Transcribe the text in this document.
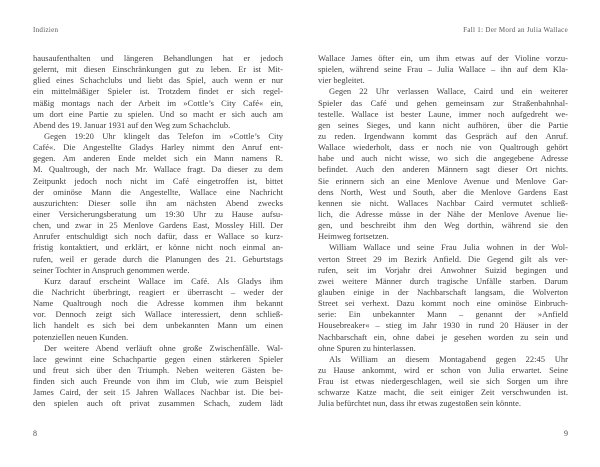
Indizien
hausaufenthalten und längeren Behandlungen hat er jedoch
gelernt, mit diesen Einschränkungen gut zu leben. Er ist Mit-
glied eines Schachclubs und liebt das Spiel, auch wenn er nur
ein mittelmäßiger Spieler ist. Trotzdem findet er sich regel-
mäßig montags nach der Arbeit im »Cottle’s City Café« ein,
um dort eine Partie zu spielen. Und so macht er sich auch am
Abend des 19. Januar 1931 auf den Weg zum Schachclub.
Gegen 19:20 Uhr klingelt das Telefon im »Cottle’s City
Café«. Die Angestellte Gladys Harley nimmt den Anruf ent-
gegen. Am anderen Ende meldet sich ein Mann namens R.
M. Qualtrough, der nach Mr. Wallace fragt. Da dieser zu dem
Zeitpunkt jedoch noch nicht im Café eingetroffen ist, bittet
der ominöse Mann die Angestellte, Wallace eine Nachricht
auszurichten: Dieser solle ihn am nächsten Abend zwecks
einer Versicherungsberatung um 19:30 Uhr zu Hause aufsu-
chen, und zwar in 25 Menlove Gardens East, Mossley Hill. Der
Anrufer entschuldigt sich noch dafür, dass er Wallace so kurz-
fristig kontaktiert, und erklärt, er könne nicht noch einmal an-
rufen, weil er gerade durch die Planungen des 21. Geburtstags
seiner Tochter in Anspruch genommen werde.
Kurz darauf erscheint Wallace im Café. Als Gladys ihm
die Nachricht überbringt, reagiert er überrascht – weder der
Name Qualtrough noch die Adresse kommen ihm bekannt
vor. Dennoch zeigt sich Wallace interessiert, denn schließ-
lich handelt es sich bei dem unbekannten Mann um einen
potenziellen neuen Kunden.
Der weitere Abend verläuft ohne große Zwischenfälle. Wal-
lace gewinnt eine Schachpartie gegen einen stärkeren Spieler
und freut sich über den Triumph. Neben weiteren Gästen be-
finden sich auch Freunde von ihm im Club, wie zum Beispiel
James Caird, der seit 15 Jahren Wallaces Nachbar ist. Die bei-
den spielen auch oft privat zusammen Schach, zudem lädt
8
Fall 1: Der Mord an Julia Wallace
Wallace James öfter ein, um ihm etwas auf der Violine vorzu-
spielen, während seine Frau – Julia Wallace – ihn auf dem Kla-
vier begleitet.
Gegen 22 Uhr verlassen Wallace, Caird und ein weiterer
Spieler das Café und gehen gemeinsam zur Straßenbahnhal-
testelle. Wallace ist bester Laune, immer noch aufgedreht we-
gen seines Sieges, und kann nicht aufhören, über die Partie
zu reden. Irgendwann kommt das Gespräch auf den Anruf.
Wallace wiederholt, dass er noch nie von Qualtrough gehört
habe und auch nicht wisse, wo sich die angegebene Adresse
befindet. Auch den anderen Männern sagt dieser Ort nichts.
Sie erinnern sich an eine Menlove Avenue und Menlove Gar-
dens North, West und South, aber die Menlove Gardens East
kennen sie nicht. Wallaces Nachbar Caird vermutet schließ-
lich, die Adresse müsse in der Nähe der Menlove Avenue lie-
gen, und beschreibt ihm den Weg dorthin, während sie den
Heimweg fortsetzen.
William Wallace und seine Frau Julia wohnen in der Wol-
verton Street 29 im Bezirk Anfield. Die Gegend gilt als ver-
rufen, seit im Vorjahr drei Anwohner Suizid begingen und
zwei weitere Männer durch tragische Unfälle starben. Darum
glauben einige in der Nachbarschaft langsam, die Wolverton
Street sei verhext. Dazu kommt noch eine ominöse Einbruch-
serie: Ein unbekannter Mann – genannt der »Anfield
Housebreaker« – stieg im Jahr 1930 in rund 20 Häuser in der
Nachbarschaft ein, ohne dabei je gesehen worden zu sein und
ohne Spuren zu hinterlassen.
Als William an diesem Montagabend gegen 22:45 Uhr
zu Hause ankommt, wird er schon von Julia erwartet. Seine
Frau ist etwas niedergeschlagen, weil sie sich Sorgen um ihre
schwarze Katze macht, die seit einiger Zeit verschwunden ist.
Julia befürchtet nun, dass ihr etwas zugestoßen sein könnte.
9
